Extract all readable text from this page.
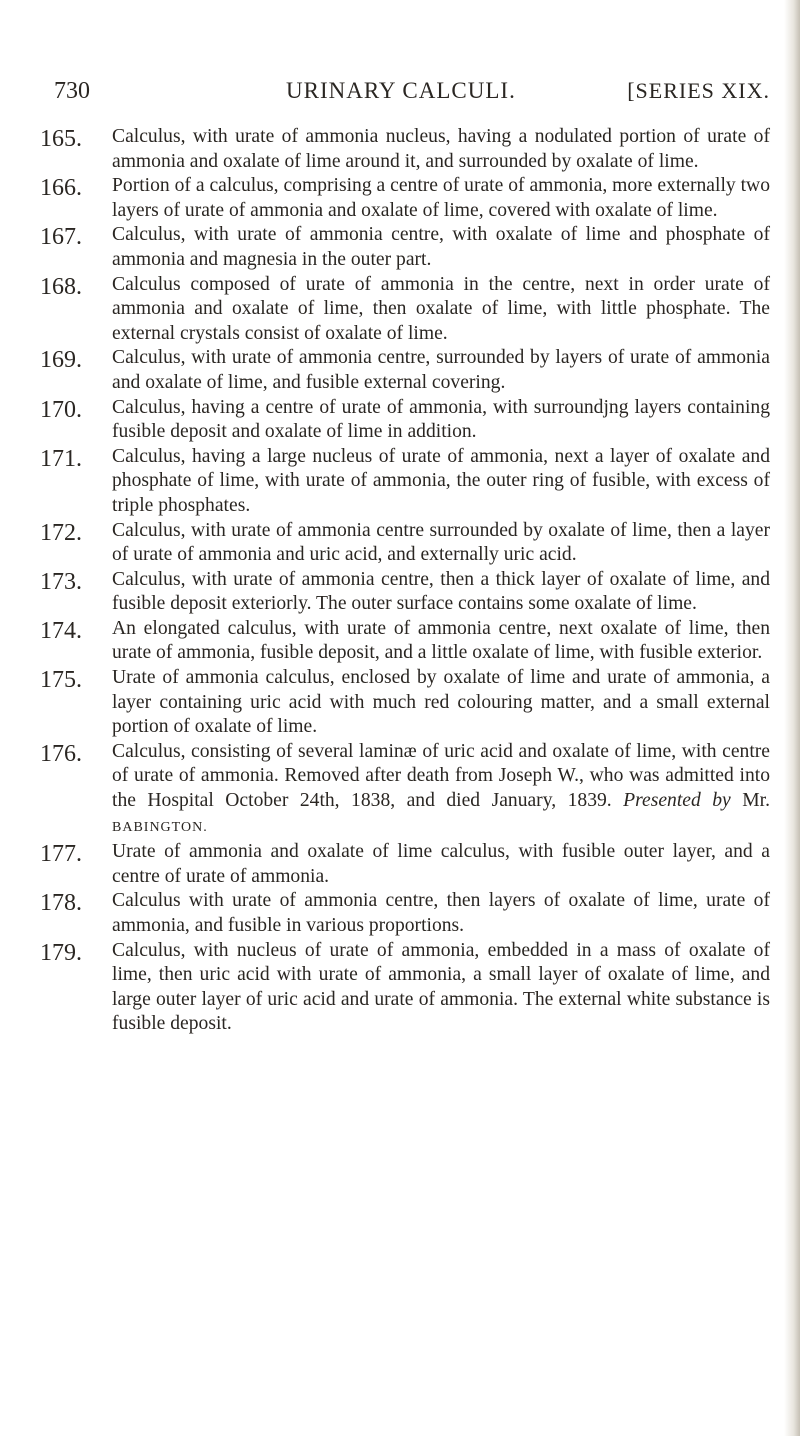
730	URINARY CALCULI.	[SERIES XIX.
165. Calculus, with urate of ammonia nucleus, having a nodulated portion of urate of ammonia and oxalate of lime around it, and surrounded by oxalate of lime.

166. Portion of a calculus, comprising a centre of urate of ammonia, more externally two layers of urate of ammonia and oxalate of lime, covered with oxalate of lime.

167. Calculus, with urate of ammonia centre, with oxalate of lime and phosphate of ammonia and magnesia in the outer part.

168. Calculus composed of urate of ammonia in the centre, next in order urate of ammonia and oxalate of lime, then oxalate of lime, with little phosphate. The external crystals consist of oxalate of lime.

169. Calculus, with urate of ammonia centre, surrounded by layers of urate of ammonia and oxalate of lime, and fusible external covering.

170. Calculus, having a centre of urate of ammonia, with surroundjng layers containing fusible deposit and oxalate of lime in addition.

171. Calculus, having a large nucleus of urate of ammonia, next a layer of oxalate and phosphate of lime, with urate of ammonia, the outer ring of fusible, with excess of triple phosphates.

172. Calculus, with urate of ammonia centre surrounded by oxalate of lime, then a layer of urate of ammonia and uric acid, and externally uric acid.

173. Calculus, with urate of ammonia centre, then a thick layer of oxalate of lime, and fusible deposit exteriorly. The outer surface contains some oxalate of lime.

174. An elongated calculus, with urate of ammonia centre, next oxalate of lime, then urate of ammonia, fusible deposit, and a little oxalate of lime, with fusible exterior.

175. Urate of ammonia calculus, enclosed by oxalate of lime and urate of ammonia, a layer containing uric acid with much red colouring matter, and a small external portion of oxalate of lime.

176. Calculus, consisting of several laminæ of uric acid and oxalate of lime, with centre of urate of ammonia. Removed after death from Joseph W., who was admitted into the Hospital October 24th, 1838, and died January, 1839. Presented by Mr. BABINGTON.

177. Urate of ammonia and oxalate of lime calculus, with fusible outer layer, and a centre of urate of ammonia.

178. Calculus with urate of ammonia centre, then layers of oxalate of lime, urate of ammonia, and fusible in various proportions.

179. Calculus, with nucleus of urate of ammonia, embedded in a mass of oxalate of lime, then uric acid with urate of ammonia, a small layer of oxalate of lime, and large outer layer of uric acid and urate of ammonia. The external white substance is fusible deposit.
